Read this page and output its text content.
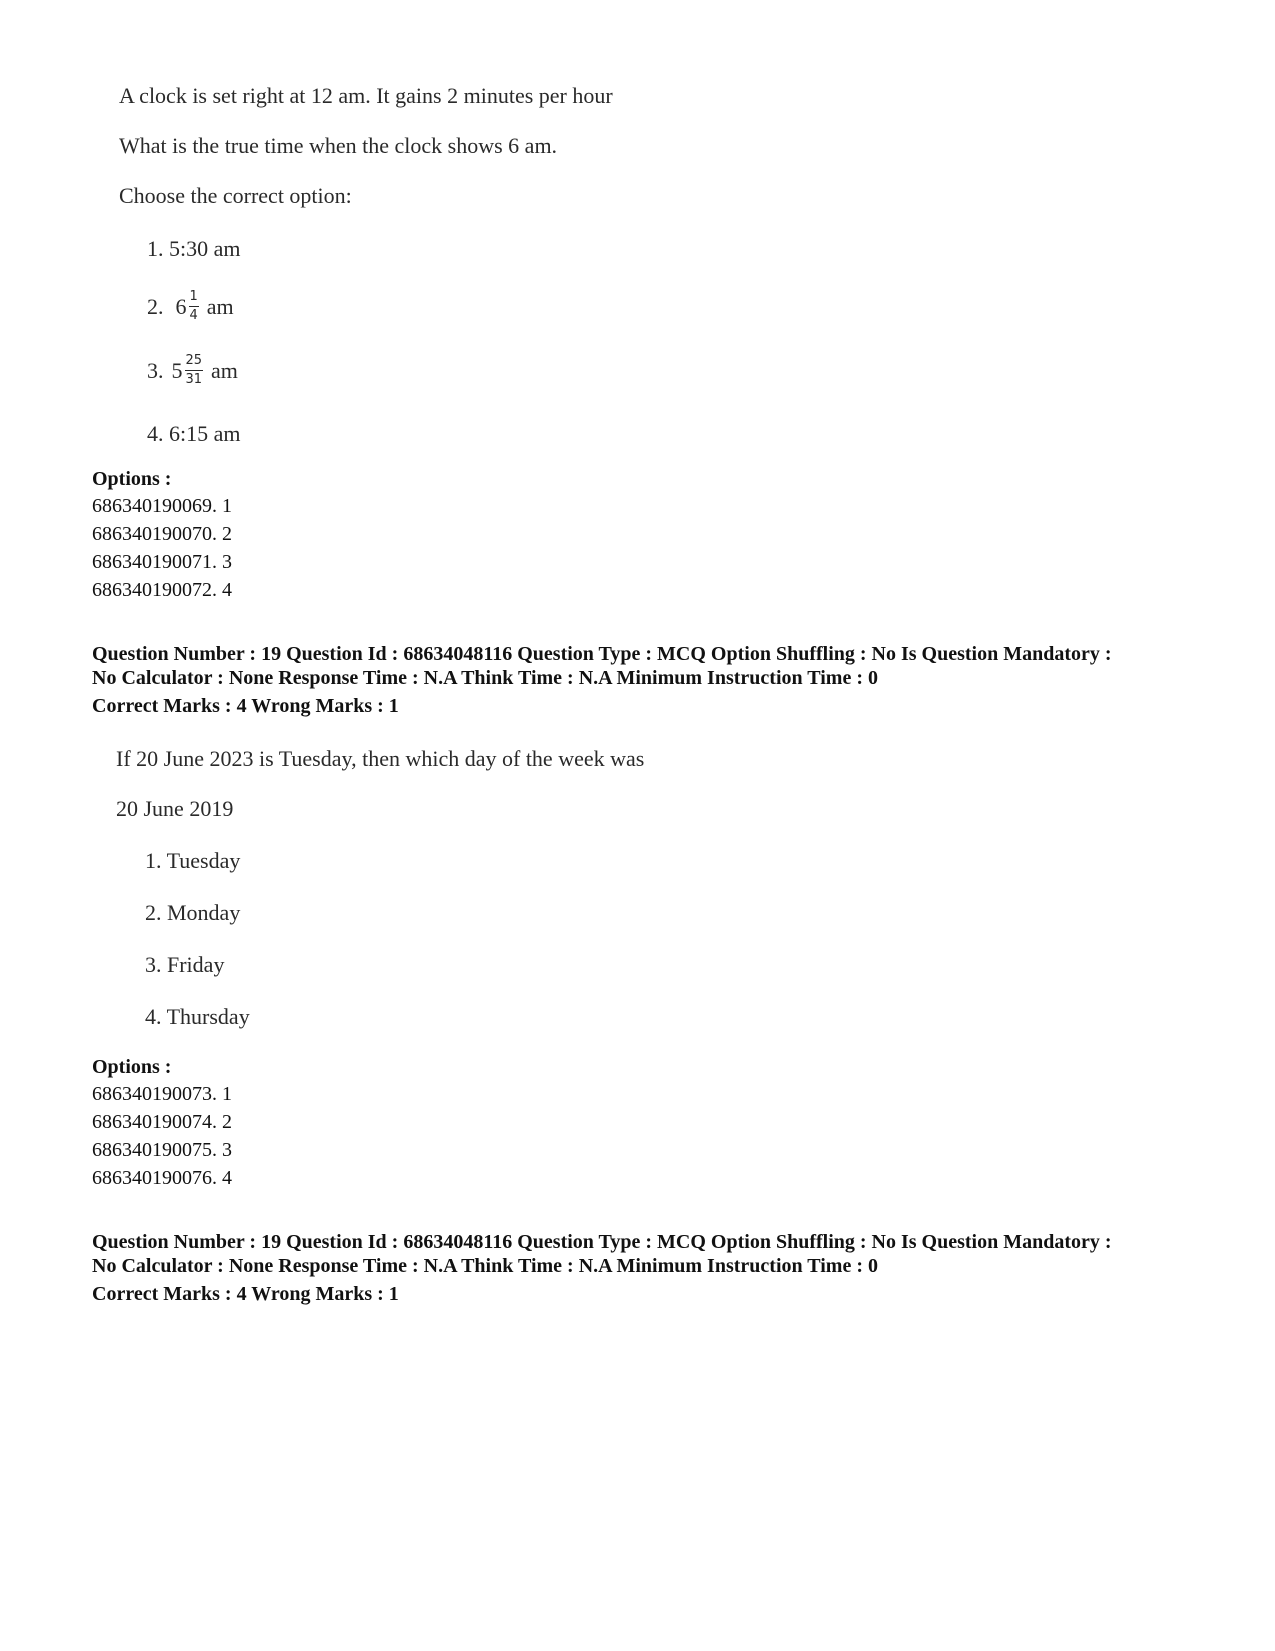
A clock is set right at 12 am. It gains 2 minutes per hour
What is the true time when the clock shows 6 am.
Choose the correct option:
1. 5:30 am
2. $6 \frac{1}{4}$ am
3. $5 \frac{25}{31}$ am
4. 6:15 am
Options :
686340190069. 1
686340190070. 2
686340190071. 3
686340190072. 4
Question Number : 19 Question Id : 68634048116 Question Type : MCQ Option Shuffling : No Is Question Mandatory :
No Calculator : None Response Time : N.A Think Time : N.A Minimum Instruction Time : 0
Correct Marks : 4 Wrong Marks : 1
If 20 June 2023 is Tuesday, then which day of the week was
20 June 2019
1. Tuesday
2. Monday
3. Friday
4. Thursday
Options :
686340190073. 1
686340190074. 2
686340190075. 3
686340190076. 4
Question Number : 19 Question Id : 68634048116 Question Type : MCQ Option Shuffling : No Is Question Mandatory :
No Calculator : None Response Time : N.A Think Time : N.A Minimum Instruction Time : 0
Correct Marks : 4 Wrong Marks : 1
